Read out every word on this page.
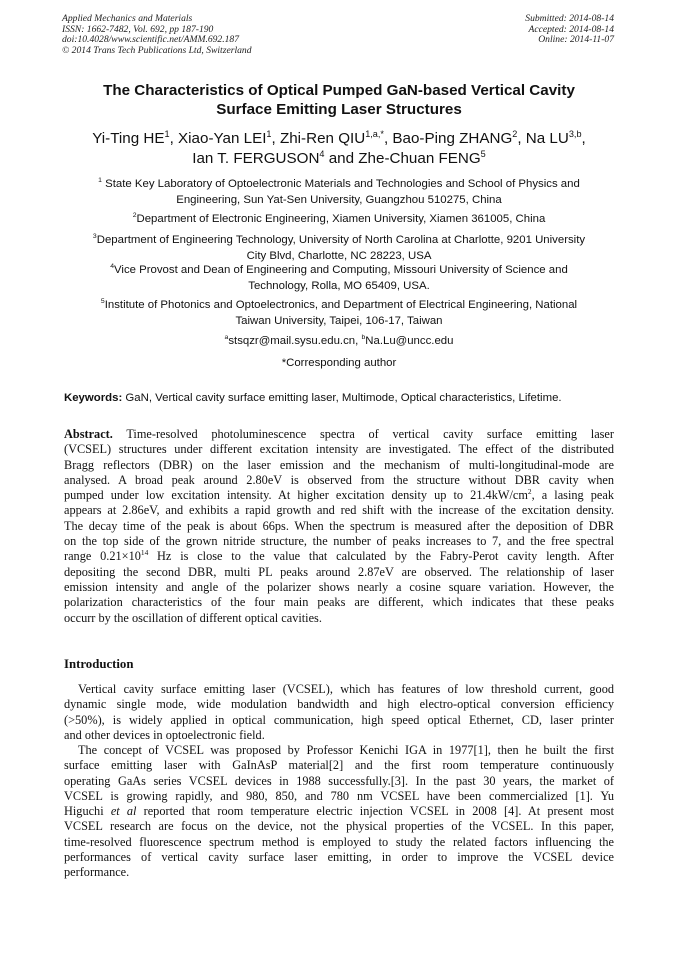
Applied Mechanics and Materials
ISSN: 1662-7482, Vol. 692, pp 187-190
doi:10.4028/www.scientific.net/AMM.692.187
© 2014 Trans Tech Publications Ltd, Switzerland
Submitted: 2014-08-14
Accepted: 2014-08-14
Online: 2014-11-07
The Characteristics of Optical Pumped GaN-based Vertical Cavity
Surface Emitting Laser Structures
Yi-Ting $HE^1$, Xiao-Yan LEI$^1$, Zhi-Ren $QIU^{1,a,*}$, Bao-Ping ZHANG$^2$, Na LU$^{3,b}$,
Ian T. FERGUSON$^4$ and Zhe-Chuan FENG$^5$
$^1$ State Key Laboratory of Optoelectronic Materials and Technologies and School of Physics and
Engineering, Sun Yat-Sen University, Guangzhou 510275, China
$^2$Department of Electronic Engineering, Xiamen University, Xiamen 361005, China
$^3$Department of Engineering Technology, University of North Carolina at Charlotte, 9201 University
City Blvd, Charlotte, NC 28223, USA
$^4$Vice Provost and Dean of Engineering and Computing, Missouri University of Science and
Technology, Rolla, MO 65409, USA.
$^5$Institute of Photonics and Optoelectronics, and Department of Electrical Engineering, National
Taiwan University, Taipei, 106-17, Taiwan
$^a$stsqzr@mail.sysu.edu.cn, $^b$Na.Lu@uncc.edu
*Corresponding author
Keywords: GaN, Vertical cavity surface emitting laser, Multimode, Optical characteristics, Lifetime.
Abstract. Time-resolved photoluminescence spectra of vertical cavity surface emitting laser
(VCSEL) structures under different excitation intensity are investigated. The effect of the distributed
Bragg reflectors (DBR) on the laser emission and the mechanism of multi-longitudinal-mode are
analysed. A broad peak around 2.80eV is observed from the structure without DBR cavity when
pumped under low excitation intensity. At higher excitation density up to $21.4kW/cm^2$, a lasing peak
appears at 2.86eV, and exhibits a rapid growth and red shift with the increase of the excitation density.
The decay time of the peak is about 66ps. When the spectrum is measured after the deposition of DBR
on the top side of the grown nitride structure, the number of peaks increases to 7, and the free spectral
range $0.21\times 10^{14}$ Hz is close to the value that calculated by the Fabry-Perot cavity length. After
depositing the second DBR, multi PL peaks around 2.87eV are observed. The relationship of laser
emission intensity and angle of the polarizer shows nearly a cosine square variation. However, the
polarization characteristics of the four main peaks are different, which indicates that these peaks
occurr by the oscillation of different optical cavities.
Introduction
Vertical cavity surface emitting laser (VCSEL), which has features of low threshold current, good
dynamic single mode, wide modulation bandwidth and high electro-optical conversion efficiency
(>50%), is widely applied in optical communication, high speed optical Ethernet, CD, laser printer
and other devices in optoelectronic field.
The concept of VCSEL was proposed by Professor Kenichi IGA in 1977[1], then he built the first
surface emitting laser with GaInAsP material[2] and the first room temperature continuously
operating GaAs series VCSEL devices in 1988 successfully.[3]. In the past 30 years, the market of
VCSEL is growing rapidly, and 980, 850, and 780 nm VCSEL have been commercialized [1]. Yu
Higuchi et al reported that room temperature electric injection VCSEL in 2008 [4]. At present most
VCSEL research are focus on the device, not the physical properties of the VCSEL. In this paper,
time-resolved fluorescence spectrum method is employed to study the related factors influencing the
performances of vertical cavity surface laser emitting, in order to improve the VCSEL device
performance.
